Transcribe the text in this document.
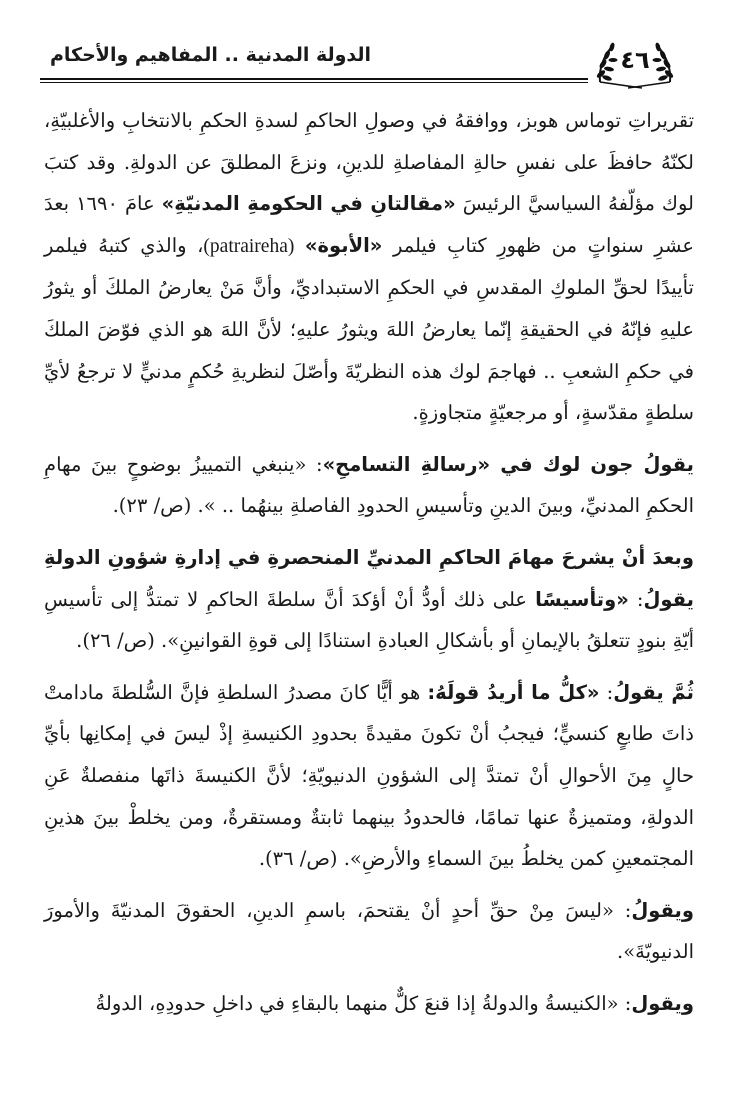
٤٦
الدولة المدنية .. المفاهيم والأحكام

تقريراتِ توماس هوبز، ووافقهُ في وصولِ الحاكمِ لسدةِ الحكمِ بالانتخابِ والأغلبيّةِ، لكنّهُ حافظَ على نفسِ حالةِ المفاصلةِ للدينِ، ونزعَ المطلقَ عن الدولةِ. وقد كتبَ لوك مؤلّفهُ السياسيَّ الرئيسَ «مقالتانِ في الحكومةِ المدنيّةِ» عامَ ١٦٩٠ بعدَ عشرِ سنواتٍ من ظهورِ كتابِ فيلمر «الأبوة» (patraireha)، والذي كتبهُ فيلمر تأييدًا لحقِّ الملوكِ المقدسِ في الحكمِ الاستبداديِّ، وأنَّ مَنْ يعارضُ الملكَ أو يثورُ عليهِ فإنّهُ في الحقيقةِ إنّما يعارضُ اللهَ ويثورُ عليهِ؛ لأنَّ اللهَ هو الذي فوّضَ الملكَ في حكمِ الشعبِ .. فهاجمَ لوك هذه النظريّةَ وأصّلَ لنظريةِ حُكمٍ مدنيٍّ لا ترجعُ لأيِّ سلطةٍ مقدّسةٍ، أو مرجعيّةٍ متجاوزةٍ.

يقولُ جون لوك في «رسالةِ التسامحِ»: «ينبغي التمييزُ بوضوحٍ بينَ مهامِ الحكمِ المدنيِّ، وبينَ الدينِ وتأسيسِ الحدودِ الفاصلةِ بينهُما .. ». (ص/ ٢٣).

وبعدَ أنْ يشرحَ مهامَ الحاكمِ المدنيِّ المنحصرةِ في إدارةِ شؤونِ الدولةِ يقولُ: «وتأسيسًا على ذلك أودُّ أنْ أؤكدَ أنَّ سلطةَ الحاكمِ لا تمتدُّ إلى تأسيسِ أيّةِ بنودٍ تتعلقُ بالإيمانِ أو بأشكالِ العبادةِ استنادًا إلى قوةِ القوانينِ». (ص/ ٢٦).

ثُمَّ يقولُ: «كلُّ ما أريدُ قولَهُ: هو أيًّا كانَ مصدرُ السلطةِ فإنَّ السُّلطةَ مادامتْ ذاتَ طابعٍ كنسيٍّ؛ فيجبُ أنْ تكونَ مقيدةً بحدودِ الكنيسةِ إذْ ليسَ في إمكانِها بأيِّ حالٍ مِنَ الأحوالِ أنْ تمتدَّ إلى الشؤونِ الدنيويّةِ؛ لأنَّ الكنيسةَ ذاتَها منفصلةٌ عَنِ الدولةِ، ومتميزةٌ عنها تمامًا، فالحدودُ بينهما ثابتةٌ ومستقرةٌ، ومن يخلطْ بينَ هذينِ المجتمعينِ كمن يخلطُ بينَ السماءِ والأرضِ». (ص/ ٣٦).

ويقولُ: «ليسَ مِنْ حقِّ أحدٍ أنْ يقتحمَ، باسمِ الدينِ، الحقوقَ المدنيّةَ والأمورَ الدنيويّةَ».

ويقول: «الكنيسةُ والدولةُ إذا قنعَ كلٌّ منهما بالبقاءِ في داخلِ حدودِهِ، الدولةُ
